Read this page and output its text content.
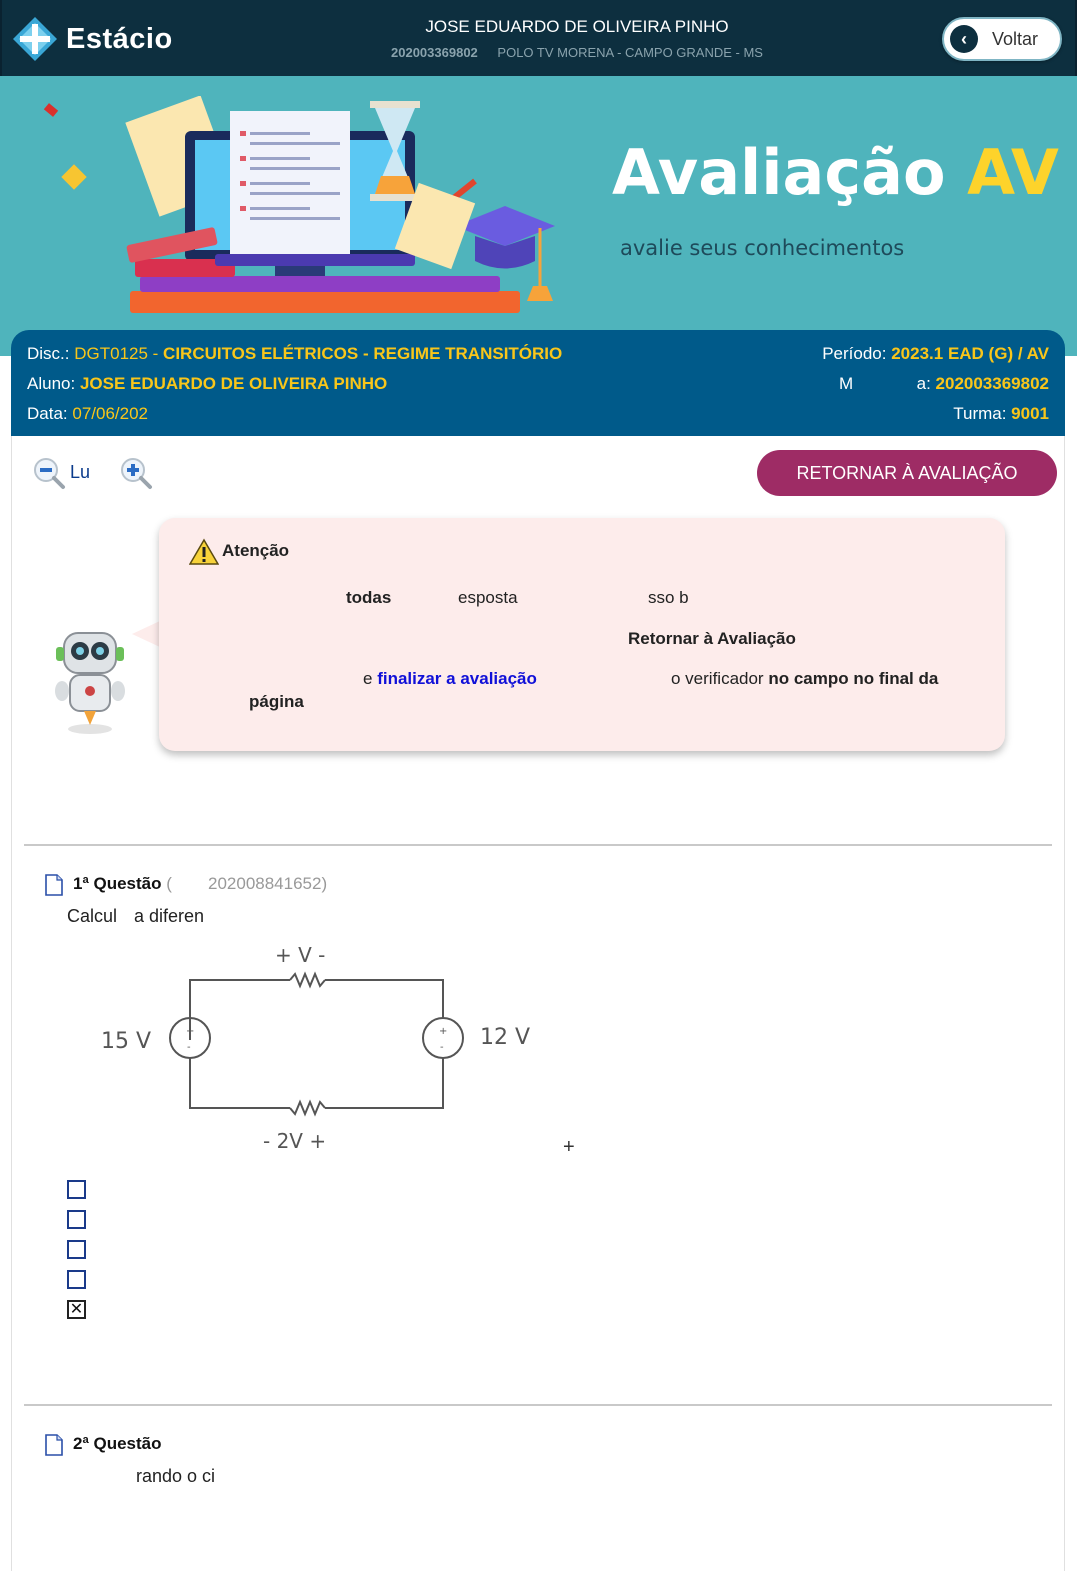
Estácio	JOSE EDUARDO DE OLIVEIRA PINHO
202003369802 POLO TV MORENA - CAMPO GRANDE - MS
‹	Voltar
Avaliação AV
avalie seus conhecimentos
Disc.: DGT0125 - CIRCUITOS ELÉTRICOS - REGIME TRANSITÓRIO	Período: 2023.1 EAD (G) / AV
Aluno: JOSE EDUARDO DE OLIVEIRA PINHO	M	a: 202003369802
Data: 07/06/202	Turma: 9001
Lu	RETORNAR À AVALIAÇÃO
Atenção
todas	esposta	sso b
Retornar à Avaliação
e finalizar a avaliação	o verificador no campo no final da
página
1ª Questão ( 202008841652)
Calcul a diferen
+
-
+
-
+ V -
15 V	12 V
- 2V +	+
✕
2ª Questão
rando o ci
